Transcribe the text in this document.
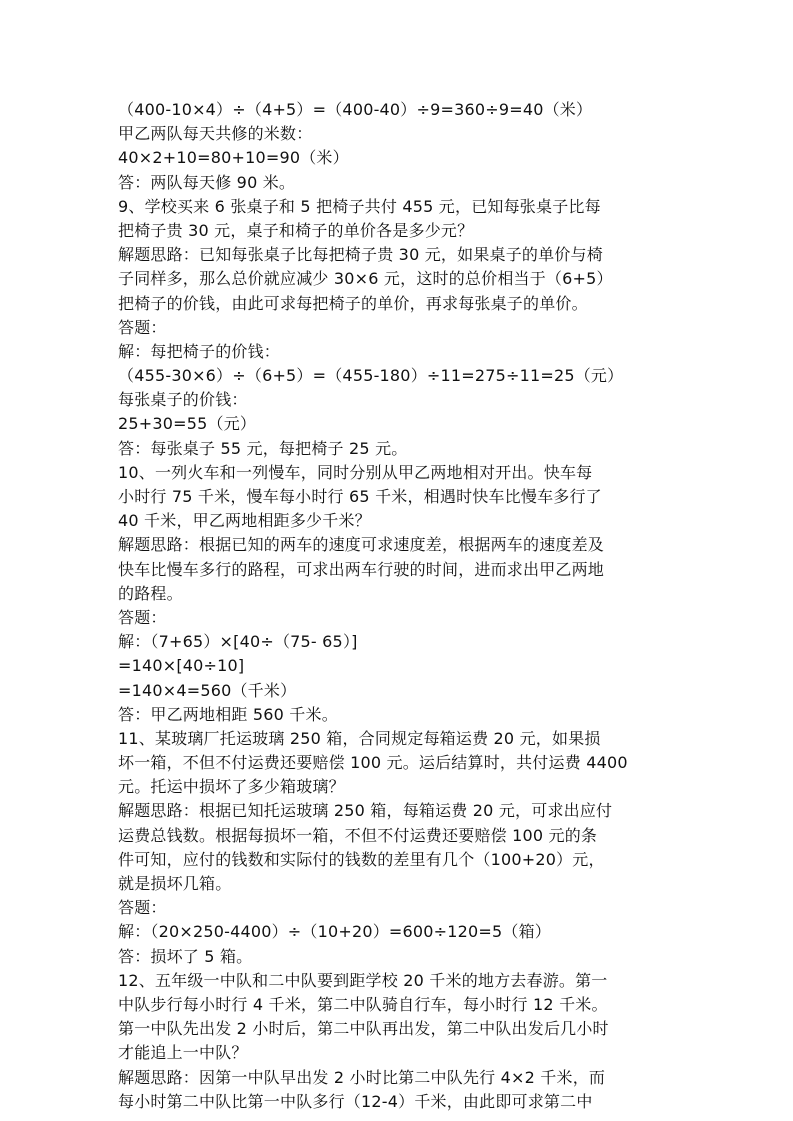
（400-10×4）÷（4+5）=（400-40）÷9=360÷9=40（米）
甲乙两队每天共修的米数：
40×2+10=80+10=90（米）
答：两队每天修 90 米。
9、学校买来 6 张桌子和 5 把椅子共付 455 元，已知每张桌子比每
把椅子贵 30 元，桌子和椅子的单价各是多少元？
解题思路：已知每张桌子比每把椅子贵 30 元，如果桌子的单价与椅
子同样多，那么总价就应减少 30×6 元，这时的总价相当于（6+5）
把椅子的价钱，由此可求每把椅子的单价，再求每张桌子的单价。
答题：
解：每把椅子的价钱：
（455-30×6）÷（6+5）=（455-180）÷11=275÷11=25（元）
每张桌子的价钱：
25+30=55（元）
答：每张桌子 55 元，每把椅子 25 元。
10、一列火车和一列慢车，同时分别从甲乙两地相对开出。快车每
小时行 75 千米，慢车每小时行 65 千米，相遇时快车比慢车多行了
40 千米，甲乙两地相距多少千米？
解题思路：根据已知的两车的速度可求速度差，根据两车的速度差及
快车比慢车多行的路程，可求出两车行驶的时间，进而求出甲乙两地
的路程。
答题：
解：（7+65）×[40÷（75- 65）]
=140×[40÷10]
=140×4=560（千米）
答：甲乙两地相距 560 千米。
11、某玻璃厂托运玻璃 250 箱，合同规定每箱运费 20 元，如果损
坏一箱，不但不付运费还要赔偿 100 元。运后结算时，共付运费 4400
元。托运中损坏了多少箱玻璃？
解题思路：根据已知托运玻璃 250 箱，每箱运费 20 元，可求出应付
运费总钱数。根据每损坏一箱，不但不付运费还要赔偿 100 元的条
件可知，应付的钱数和实际付的钱数的差里有几个（100+20）元，
就是损坏几箱。
答题：
解：（20×250-4400）÷（10+20）=600÷120=5（箱）
答：损坏了 5 箱。
12、五年级一中队和二中队要到距学校 20 千米的地方去春游。第一
中队步行每小时行 4 千米，第二中队骑自行车，每小时行 12 千米。
第一中队先出发 2 小时后，第二中队再出发，第二中队出发后几小时
才能追上一中队？
解题思路：因第一中队早出发 2 小时比第二中队先行 4×2 千米，而
每小时第二中队比第一中队多行（12-4）千米，由此即可求第二中
